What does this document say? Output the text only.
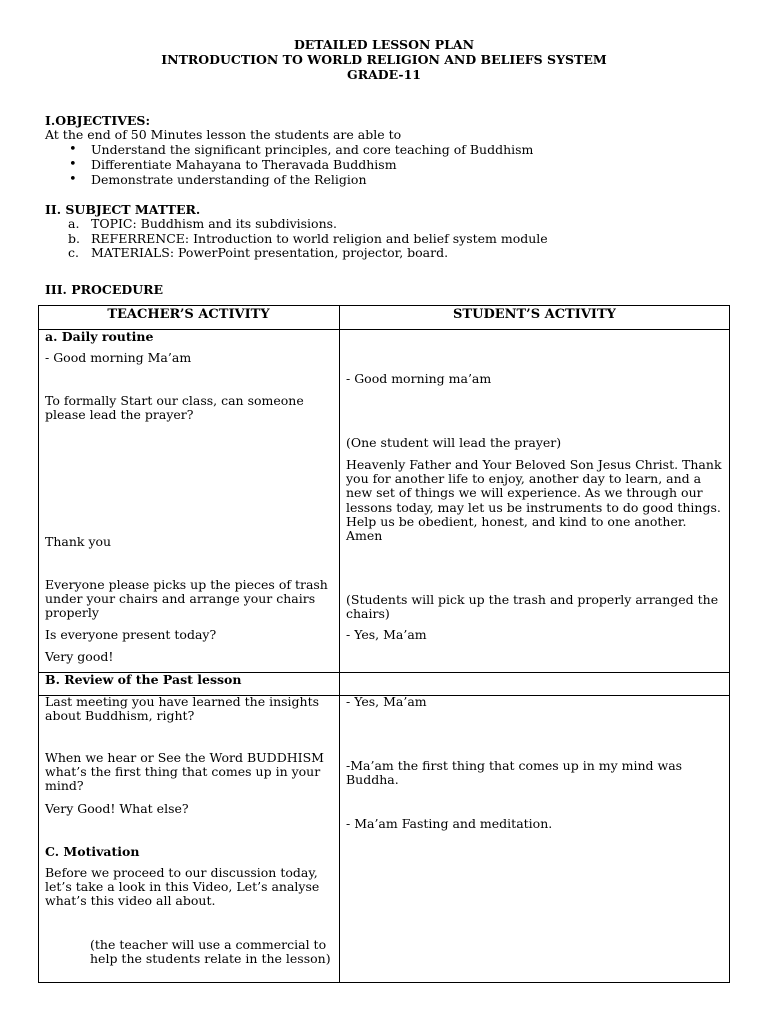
DETAILED LESSON PLAN
INTRODUCTION TO WORLD RELIGION AND BELIEFS SYSTEM
GRADE-11
I.OBJECTIVES:
At the end of 50 Minutes lesson the students are able to
• Understand the significant principles, and core teaching of Buddhism
• Differentiate Mahayana to Theravada Buddhism
• Demonstrate understanding of the Religion
II. SUBJECT MATTER.
a. TOPIC: Buddhism and its subdivisions.
b. REFERRENCE: Introduction to world religion and belief system module
c. MATERIALS: PowerPoint presentation, projector, board.
III. PROCEDURE
TEACHER’S ACTIVITY	STUDENT’S ACTIVITY
a. Daily routine
- Good morning Ma’am
- Good morning ma’am
To formally Start our class, can someone please lead the prayer?
(One student will lead the prayer)
Heavenly Father and Your Beloved Son Jesus Christ. Thank you for another life to enjoy, another day to learn, and a new set of things we will experience. As we through our lessons today, may let us be instruments to do good things. Help us be obedient, honest, and kind to one another. Amen
Thank you
Everyone please picks up the pieces of trash under your chairs and arrange your chairs properly
(Students will pick up the trash and properly arranged the chairs)
Is everyone present today?	- Yes, Ma’am
Very good!
B. Review of the Past lesson
Last meeting you have learned the insights about Buddhism, right?
- Yes, Ma’am
When we hear or See the Word BUDDHISM what’s the first thing that comes up in your mind?
-Ma’am the first thing that comes up in my mind was Buddha.
Very Good! What else?
- Ma’am Fasting and meditation.
C. Motivation
Before we proceed to our discussion today, let’s take a look in this Video, Let’s analyse what’s this video all about.
(the teacher will use a commercial to help the students relate in the lesson)
